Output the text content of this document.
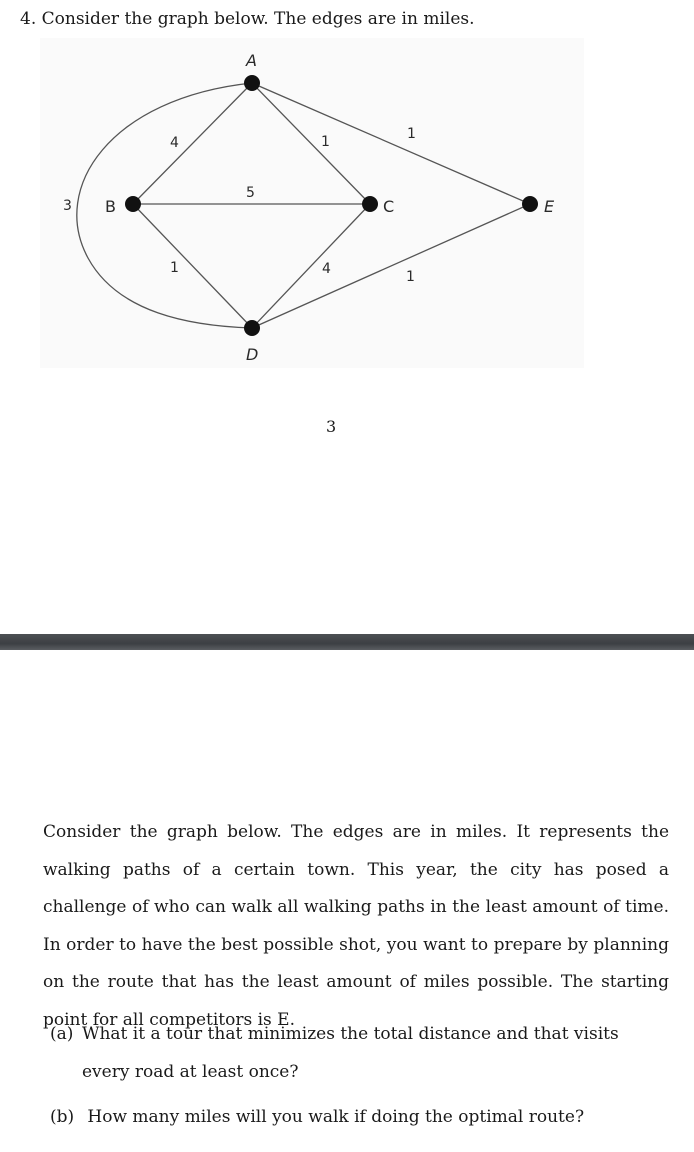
4. Consider the graph below. The edges are in miles.
4	1	1
5
1	4	1
3
A
B	C
D
E
3

Consider the graph below. The edges are in miles. It represents the walking paths of a certain town. This year, the city has posed a challenge of who can walk all walking paths in the least amount of time. In order to have the best possible shot, you want to prepare by planning on the route that has the least amount of miles possible. The starting point for all competitors is E.

(a) What it a tour that minimizes the total distance and that visits every road at least once?
(b) How many miles will you walk if doing the optimal route?
